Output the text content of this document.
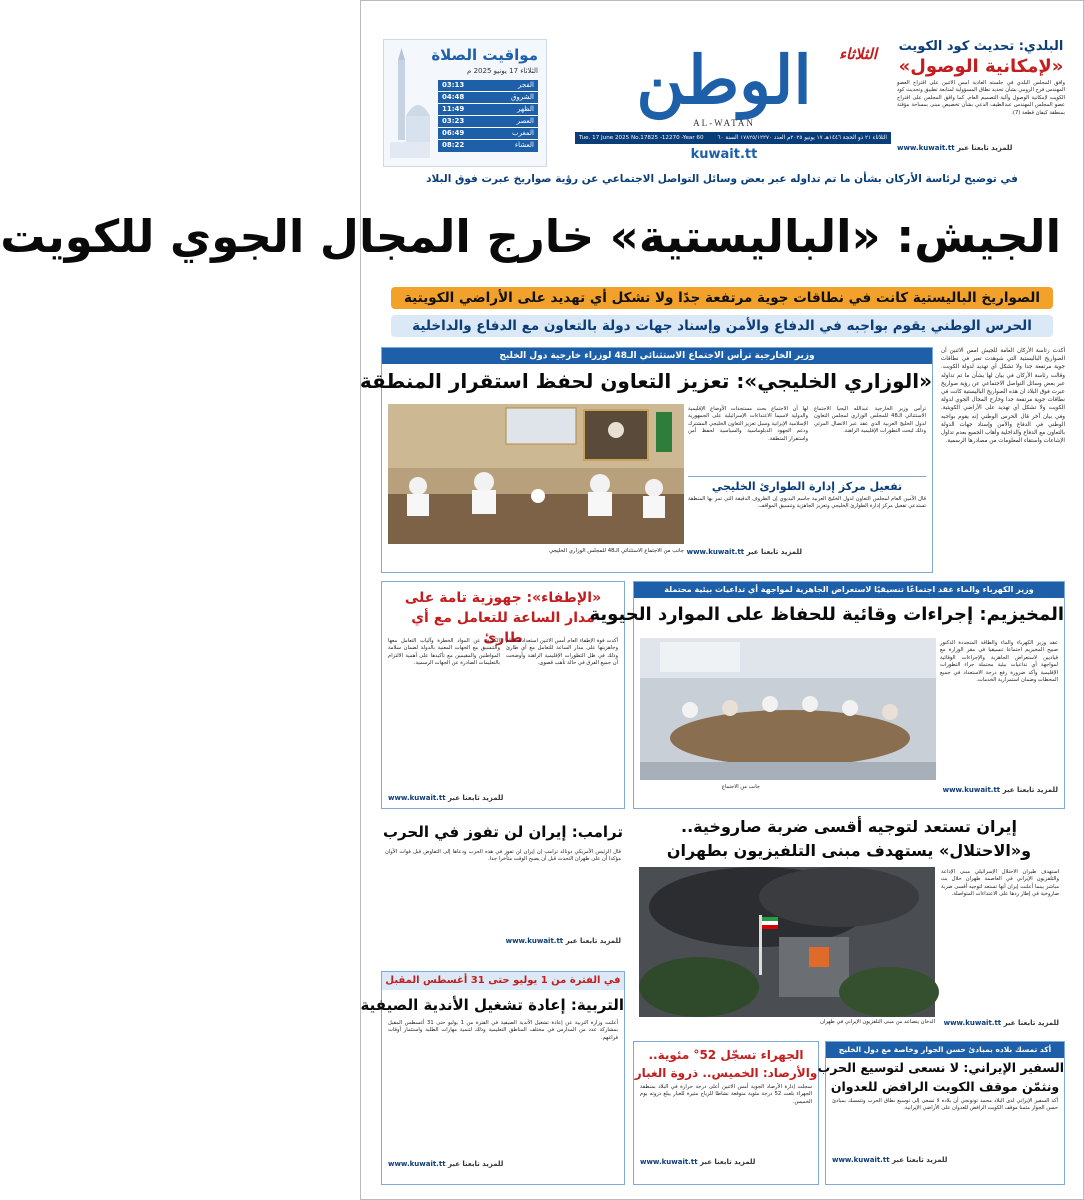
البلدي: تحديث كود الكويت
«لإمكانية الوصول»
وافق المجلس البلدي في جلسته العادية امس الاثنين على اقتراح العضو المهندس فرح الرومي بشأن تحديد نطاق المسؤولية لمتابعة تطبيق وتحديث كود الكويت لإمكانية الوصول وآلية التصميم العام. كما وافق المجلس على اقتراح عضو المجلس المهندس عبدالطيف الدعي بشأن تخصيص مبنى بمساحة مؤقتة بمنطقة كيفان قطعة (7).
www.kuwait.tt للمزيد تابعنا عبر
الثلاثاء
الوطن
AL-WATAN
الثلاثاء ٢١ ذو الحجة ١٤٤٦هـ ١٧ يونيو ٢٠٢٥م العدد ١٧٨٢٥/١٢٢٧٠ السنة ٦٠
Tue. 17 June 2025 No.17825 -12270 -Year 60
kuwait.tt
مواقيت الصلاة
الثلاثاء 17 يونيو 2025 م
الفجر
03:13
الشروق
04:48
الظهر
11:49
العصر
03:23
المغرب
06:49
العشاء
08:22
في توضيح لرئاسة الأركان بشأن ما تم تداوله عبر بعض وسائل التواصل الاجتماعي عن رؤية صواريخ عبرت فوق البلاد
الجيش: «الباليستية» خارج المجال الجوي للكويت
الصواريخ الباليستية كانت في نطاقات جوية مرتفعة جدًا ولا تشكل أي تهديد على الأراضي الكويتية
الحرس الوطني يقوم بواجبه في الدفاع والأمن وإسناد جهات دولة بالتعاون مع الدفاع والداخلية
أكدت رئاسة الأركان العامة للجيش امس الاثنين أن الصواريخ الباليستية التي شوهدت تعبر في نطاقات جوية مرتفعة جدا ولا تشكل أي تهديد لدولة الكويت. وقالت رئاسة الأركان في بيان لها بشأن ما تم تداوله عبر بعض وسائل التواصل الاجتماعي عن رؤية صواريخ عبرت فوق البلاد ان هذه الصواريخ الباليستية كانت في نطاقات جوية مرتفعة جدا وخارج المجال الجوي لدولة الكويت ولا تشكل أي تهديد على الأراضي الكويتية. وفي بيان آخر قال الحرس الوطني إنه يقوم بواجبه الوطني في الدفاع والأمن وإسناد جهات الدولة بالتعاون مع الدفاع والداخلية وأهاب الجميع بعدم تداول الإشاعات واستقاء المعلومات من مصادرها الرسمية.
وزير الخارجية ترأس الاجتماع الاستثنائي الـ48 لوزراء خارجية دول الخليج
«الوزاري الخليجي»: تعزيز التعاون لحفظ استقرار المنطقة
جانب من الاجتماع الاستثنائي الـ48 للمجلس الوزاري الخليجي
ترأس وزير الخارجية عبدالله اليحيا الاجتماع الاستثنائي الـ48 للمجلس الوزاري لمجلس التعاون لدول الخليج العربية الذي عقد عبر الاتصال المرئي وذلك لبحث التطورات الإقليمية الراهنة.
لها أن الاجتماع بحث مستجدات الأوضاع الإقليمية والدولية لاسيما الاعتداءات الإسرائيلية على الجمهورية الإسلامية الإيرانية وسبل تعزيز التعاون الخليجي المشترك ودعم الجهود الدبلوماسية والسياسية لحفظ أمن واستقرار المنطقة.
تفعيل مركز إدارة الطوارئ الخليجي
قال الأمين العام لمجلس التعاون لدول الخليج العربية جاسم البديوي إن الظروف الدقيقة التي تمر بها المنطقة تستدعي تفعيل مركز إدارة الطوارئ الخليجي وتعزيز الجاهزية وتنسيق المواقف.
www.kuwait.tt للمزيد تابعنا عبر
«الإطفاء»: جهوزية تامة على مدار الساعة للتعامل مع أي طارئ
أكدت قوة الإطفاء العام أمس الاثنين استعدادها التام وجاهزيتها على مدار الساعة للتعامل مع أي طارئ وذلك في ظل التطورات الإقليمية الراهنة وأوضحت أن جميع الفرق في حالة تأهب قصوى.
الكشف عن المواد الخطرة وآليات التعامل معها والتنسيق مع الجهات المعنية بالدولة لضمان سلامة المواطنين والمقيمين مع تأكيدها على أهمية الالتزام بالتعليمات الصادرة عن الجهات الرسمية.
www.kuwait.tt للمزيد تابعنا عبر
وزير الكهرباء والماء عقد اجتماعًا تنسيقيًا لاستعراض الجاهزية لمواجهة أي تداعيات بيئية محتملة
المخيزيم: إجراءات وقائية للحفاظ على الموارد الحيوية
جانب من الاجتماع
عقد وزير الكهرباء والماء والطاقة المتجددة الدكتور صبيح المخيزيم اجتماعا تنسيقيا في مقر الوزارة مع قياديين لاستعراض الجاهزية والإجراءات الوقائية لمواجهة أي تداعيات بيئية محتملة جراء التطورات الإقليمية وأكد ضرورة رفع درجة الاستعداد في جميع المحطات وضمان استمرارية الخدمات.
www.kuwait.tt للمزيد تابعنا عبر
إيران تستعد لتوجيه أقسى ضربة صاروخية..
و«الاحتلال» يستهدف مبنى التلفيزيون بطهران
الدخان يتصاعد من مبنى التلفزيون الإيراني في طهران
استهدف طيران الاحتلال الإسرائيلي مبنى الإذاعة والتلفزيون الإيراني في العاصمة طهران خلال بث مباشر بينما أعلنت إيران أنها تستعد لتوجيه أقسى ضربة صاروخية في إطار ردها على الاعتداءات المتواصلة.
www.kuwait.tt للمزيد تابعنا عبر
ترامب: إيران لن تفوز في الحرب
قال الرئيس الأمريكي دونالد ترامب إن إيران لن تفوز في هذه الحرب ودعاها إلى التفاوض قبل فوات الأوان مؤكدا أن على طهران التحدث قبل أن يصبح الوقت متأخرا جدا.
www.kuwait.tt للمزيد تابعنا عبر
في الفترة من 1 يوليو حتى 31 أغسطس المقبل
التربية: إعادة تشغيل الأندية الصيفية
أعلنت وزارة التربية عن إعادة تشغيل الأندية الصيفية في الفترة من 1 يوليو حتى 31 أغسطس المقبل بمشاركة عدد من المدارس في مختلف المناطق التعليمية وذلك لتنمية مهارات الطلبة واستثمار أوقات فراغهم.
www.kuwait.tt للمزيد تابعنا عبر
الجهراء تسجّل 52° مئوية..
والأرصاد: الخميس.. ذروة الغبار
سجلت إدارة الأرصاد الجوية أمس الاثنين أعلى درجة حرارة في البلاد بمنطقة الجهراء بلغت 52 درجة مئوية متوقعة نشاطا للرياح مثيرة للغبار يبلغ ذروته يوم الخميس.
www.kuwait.tt للمزيد تابعنا عبر
أكد تمسك بلاده بمبادئ حسن الجوار وخاصة مع دول الخليج
السفير الإيراني: لا نسعى لتوسيع الحرب
ونثمّن موقف الكويت الرافض للعدوان
أكد السفير الإيراني لدى البلاد محمد توتونجي أن بلاده لا تسعى إلى توسيع نطاق الحرب وتتمسك بمبادئ حسن الجوار مثمنا موقف الكويت الرافض للعدوان على الأراضي الإيرانية.
www.kuwait.tt للمزيد تابعنا عبر
